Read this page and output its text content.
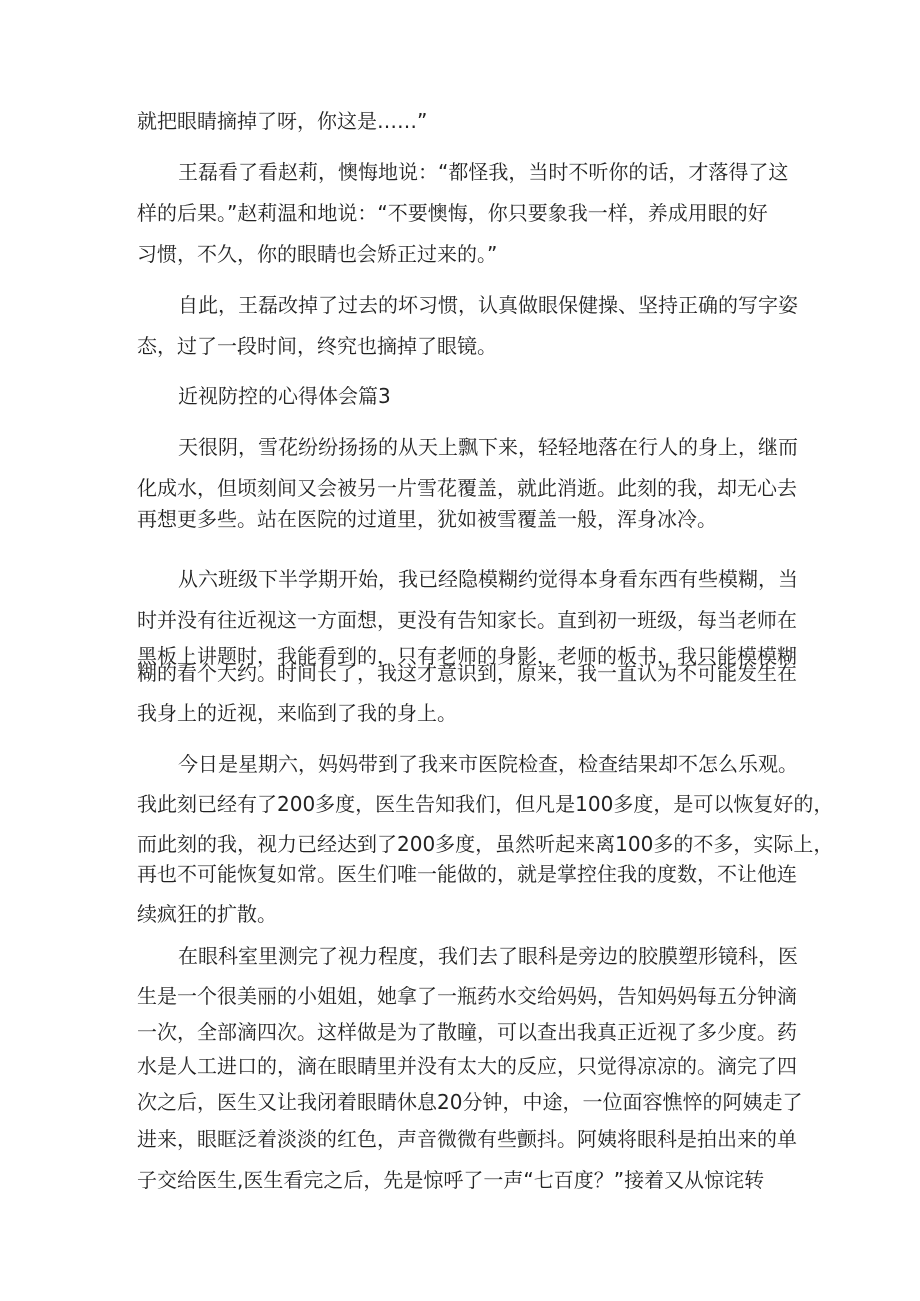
就把眼睛摘掉了呀，你这是……”

王磊看了看赵莉，懊悔地说：“都怪我，当时不听你的话，才落得了这

样的后果。”赵莉温和地说：“不要懊悔，你只要象我一样，养成用眼的好

习惯，不久，你的眼睛也会矫正过来的。”

自此，王磊改掉了过去的坏习惯，认真做眼保健操、坚持正确的写字姿

态，过了一段时间，终究也摘掉了眼镜。

近视防控的心得体会篇3

天很阴，雪花纷纷扬扬的从天上飘下来，轻轻地落在行人的身上，继而

化成水，但顷刻间又会被另一片雪花覆盖，就此消逝。此刻的我，却无心去

再想更多些。站在医院的过道里，犹如被雪覆盖一般，浑身冰冷。

从六班级下半学期开始，我已经隐模糊约觉得本身看东西有些模糊，当

时并没有往近视这一方面想，更没有告知家长。直到初一班级，每当老师在

黑板上讲题时，我能看到的，只有老师的身影，老师的板书，我只能模模糊

糊的看个大约。时间长了，我这才意识到，原来，我一直认为不可能发生在

我身上的近视，来临到了我的身上。

今日是星期六，妈妈带到了我来市医院检查，检查结果却不怎么乐观。

我此刻已经有了200多度，医生告知我们，但凡是100多度，是可以恢复好的，

而此刻的我，视力已经达到了200多度，虽然听起来离100多的不多，实际上，

再也不可能恢复如常。医生们唯一能做的，就是掌控住我的度数，不让他连

续疯狂的扩散。

在眼科室里测完了视力程度，我们去了眼科是旁边的胶膜塑形镜科，医

生是一个很美丽的小姐姐，她拿了一瓶药水交给妈妈，告知妈妈每五分钟滴

一次，全部滴四次。这样做是为了散瞳，可以查出我真正近视了多少度。药

水是人工进口的，滴在眼睛里并没有太大的反应，只觉得凉凉的。滴完了四

次之后，医生又让我闭着眼睛休息20分钟，中途，一位面容憔悴的阿姨走了

进来，眼眶泛着淡淡的红色，声音微微有些颤抖。阿姨将眼科是拍出来的单

子交给医生,医生看完之后，先是惊呼了一声“七百度？”接着又从惊诧转
